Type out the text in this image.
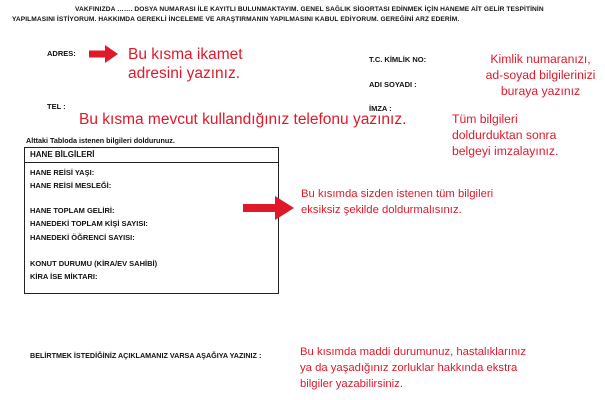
VAKFINIZDA ……. DOSYA NUMARASI İLE KAYITLI BULUNMAKTAYIM. GENEL SAĞLIK SİGORTASI EDİNMEK İÇİN HANEME AİT GELİR TESPİTİNİN
YAPILMASINI İSTİYORUM. HAKKIMDA GEREKLİ İNCELEME VE ARAŞTIRMANIN YAPILMASINI KABUL EDİYORUM. GEREĞİNİ ARZ EDERİM.
ADRES:	Bu kısma ikamet
adresini yazınız.
TEL :
Bu kısma mevcut kullandığınız telefonu yazınız.
T.C. KİMLİK NO:
ADI SOYADI :
İMZA :
Kimlik numaranızı,
ad-soyad bilgilerinizi
buraya yazınız
Tüm bilgileri
doldurduktan sonra
belgeyi imzalayınız.
Alttaki Tabloda istenen bilgileri doldurunuz.
HANE BİLGİLERİ
HANE REİSİ YAŞI:
HANE REİSİ MESLEĞİ:
HANE TOPLAM GELİRİ:
HANEDEKİ TOPLAM KİŞİ SAYISI:
HANEDEKİ ÖĞRENCİ SAYISI:
KONUT DURUMU (KİRA/EV SAHİBİ)
KİRA İSE MİKTARI:
Bu kısımda sizden istenen tüm bilgileri
eksiksiz şekilde doldurmalısınız.
BELİRTMEK İSTEDİĞİNİZ AÇIKLAMANIZ VARSA AŞAĞIYA YAZINIZ :	Bu kısımda maddi durumunuz, hastalıklarınız
ya da yaşadığınız zorluklar hakkında ekstra
bilgiler yazabilirsiniz.
